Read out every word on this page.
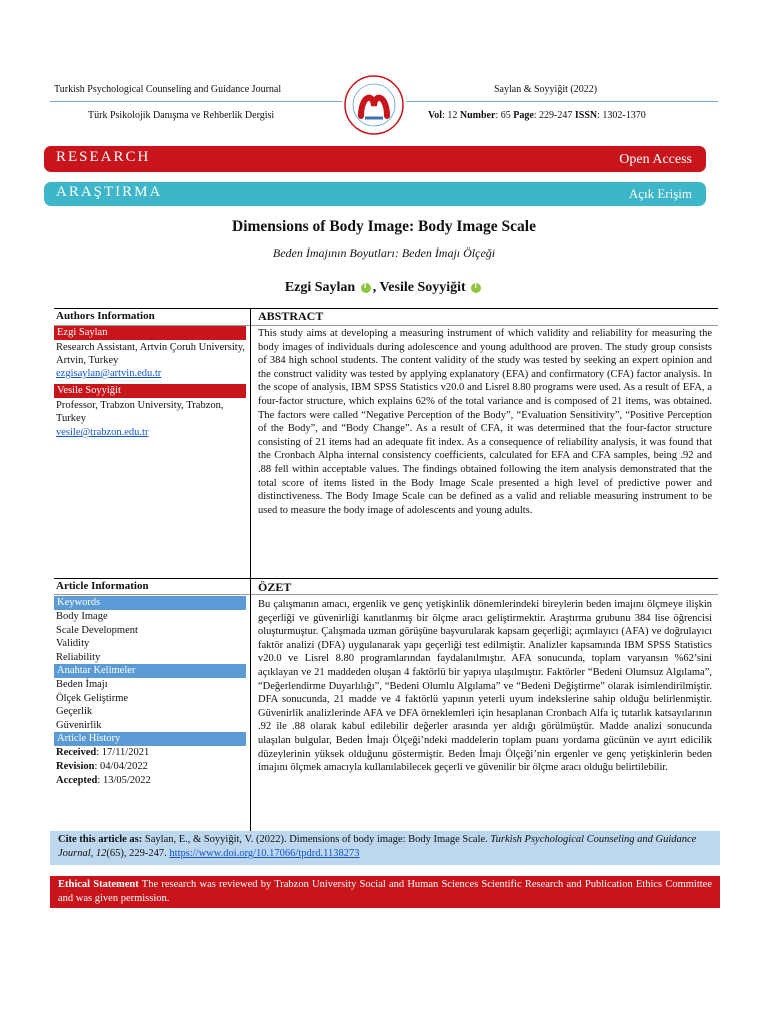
Turkish Psychological Counseling and Guidance Journal
Türk Psikolojik Danışma ve Rehberlik Dergisi
Saylan & Soyyiğit (2022)
Vol: 12 Number: 65 Page: 229-247 ISSN: 1302-1370
RESEARCH	Open Access
ARAŞTIRMA	Açık Erişim
Dimensions of Body Image: Body Image Scale
Beden İmajının Boyutları: Beden İmajı Ölçeği
Ezgi Saylan i , Vesile Soyyiğit i
Authors Information
Ezgi Saylan
Research Assistant, Artvin Çoruh University, Artvin, Turkey
ezgisaylan@artvin.edu.tr
Vesile Soyyiğit
Professor, Trabzon University, Trabzon, Turkey
vesile@trabzon.edu.tr
Article Information
Keywords
Body Image
Scale Development
Validity
Reliability
Anahtar Kelimeler
Beden İmajı
Ölçek Geliştirme
Geçerlik
Güvenirlik
Article History
Received: 17/11/2021
Revision: 04/04/2022
Accepted: 13/05/2022
ABSTRACT
This study aims at developing a measuring instrument of which validity and reliability for measuring the body images of individuals during adolescence and young adulthood are proven. The study group consists of 384 high school students. The content validity of the study was tested by seeking an expert opinion and the construct validity was tested by applying explanatory (EFA) and confirmatory (CFA) factor analysis. In the scope of analysis, IBM SPSS Statistics v20.0 and Lisrel 8.80 programs were used. As a result of EFA, a four-factor structure, which explains 62% of the total variance and is composed of 21 items, was obtained. The factors were called “Negative Perception of the Body”, “Evaluation Sensitivity”, “Positive Perception of the Body”, and “Body Change”. As a result of CFA, it was determined that the four-factor structure consisting of 21 items had an adequate fit index. As a consequence of reliability analysis, it was found that the Cronbach Alpha internal consistency coefficients, calculated for EFA and CFA samples, being .92 and .88 fell within acceptable values. The findings obtained following the item analysis demonstrated that the total score of items listed in the Body Image Scale presented a high level of predictive power and distinctiveness. The Body Image Scale can be defined as a valid and reliable measuring instrument to be used to measure the body image of adolescents and young adults.
ÖZET
Bu çalışmanın amacı, ergenlik ve genç yetişkinlik dönemlerindeki bireylerin beden imajını ölçmeye ilişkin geçerliği ve güvenirliği kanıtlanmış bir ölçme aracı geliştirmektir. Araştırma grubunu 384 lise öğrencisi oluşturmuştur. Çalışmada uzman görüşüne başvurularak kapsam geçerliği; açımlayıcı (AFA) ve doğrulayıcı faktör analizi (DFA) uygulanarak yapı geçerliği test edilmiştir. Analizler kapsamında IBM SPSS Statistics v20.0 ve Lisrel 8.80 programlarından faydalanılmıştır. AFA sonucunda, toplam varyansın %62’sini açıklayan ve 21 maddeden oluşan 4 faktörlü bir yapıya ulaşılmıştır. Faktörler “Bedeni Olumsuz Algılama”, “Değerlendirme Duyarlılığı”, “Bedeni Olumlu Algılama” ve “Bedeni Değiştirme” olarak isimlendirilmiştir. DFA sonucunda, 21 madde ve 4 faktörlü yapının yeterli uyum indekslerine sahip olduğu belirlenmiştir. Güvenirlik analizlerinde AFA ve DFA örneklemleri için hesaplanan Cronbach Alfa iç tutarlık katsayılarının .92 ile .88 olarak kabul edilebilir değerler arasında yer aldığı görülmüştür. Madde analizi sonucunda ulaşılan bulgular, Beden İmajı Ölçeği’ndeki maddelerin toplam puanı yordama gücünün ve ayırt edicilik düzeylerinin yüksek olduğunu göstermiştir. Beden İmajı Ölçeği’nin ergenler ve genç yetişkinlerin beden imajını ölçmek amacıyla kullanılabilecek geçerli ve güvenilir bir ölçme aracı olduğu belirtilebilir.
Cite this article as: Saylan, E., & Soyyiğit, V. (2022). Dimensions of body image: Body Image Scale. Turkish Psychological Counseling and Guidance Journal, 12(65), 229-247. https://www.doi.org/10.17066/tpdrd.1138273
Ethical Statement The research was reviewed by Trabzon University Social and Human Sciences Scientific Research and Publication Ethics Committee and was given permission.
